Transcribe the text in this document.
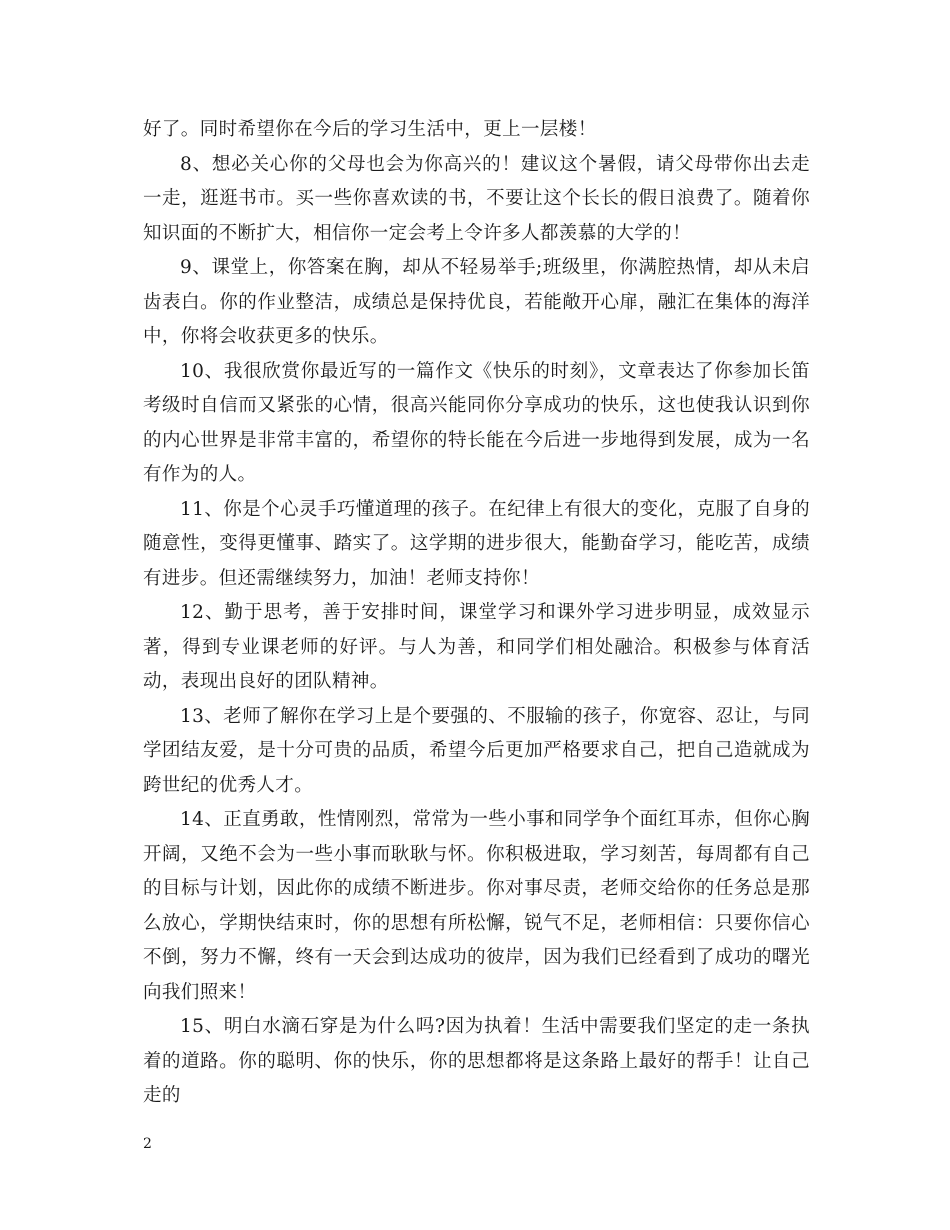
好了。同时希望你在今后的学习生活中，更上一层楼！

8、想必关心你的父母也会为你高兴的！建议这个暑假，请父母带你出去走一走，逛逛书市。买一些你喜欢读的书，不要让这个长长的假日浪费了。随着你知识面的不断扩大，相信你一定会考上令许多人都羡慕的大学的！

9、课堂上，你答案在胸，却从不轻易举手;班级里，你满腔热情，却从未启齿表白。你的作业整洁，成绩总是保持优良，若能敞开心扉，融汇在集体的海洋中，你将会收获更多的快乐。

10、我很欣赏你最近写的一篇作文《快乐的时刻》，文章表达了你参加长笛考级时自信而又紧张的心情，很高兴能同你分享成功的快乐，这也使我认识到你的内心世界是非常丰富的，希望你的特长能在今后进一步地得到发展，成为一名有作为的人。

11、你是个心灵手巧懂道理的孩子。在纪律上有很大的变化，克服了自身的随意性，变得更懂事、踏实了。这学期的进步很大，能勤奋学习，能吃苦，成绩有进步。但还需继续努力，加油！老师支持你！

12、勤于思考，善于安排时间，课堂学习和课外学习进步明显，成效显示著，得到专业课老师的好评。与人为善，和同学们相处融洽。积极参与体育活动，表现出良好的团队精神。

13、老师了解你在学习上是个要强的、不服输的孩子，你宽容、忍让，与同学团结友爱，是十分可贵的品质，希望今后更加严格要求自己，把自己造就成为跨世纪的优秀人才。

14、正直勇敢，性情刚烈，常常为一些小事和同学争个面红耳赤，但你心胸开阔，又绝不会为一些小事而耿耿与怀。你积极进取，学习刻苦，每周都有自己的目标与计划，因此你的成绩不断进步。你对事尽责，老师交给你的任务总是那么放心，学期快结束时，你的思想有所松懈，锐气不足，老师相信：只要你信心不倒，努力不懈，终有一天会到达成功的彼岸，因为我们已经看到了成功的曙光向我们照来！

15、明白水滴石穿是为什么吗?因为执着！生活中需要我们坚定的走一条执着的道路。你的聪明、你的快乐，你的思想都将是这条路上最好的帮手！让自己走的

2
